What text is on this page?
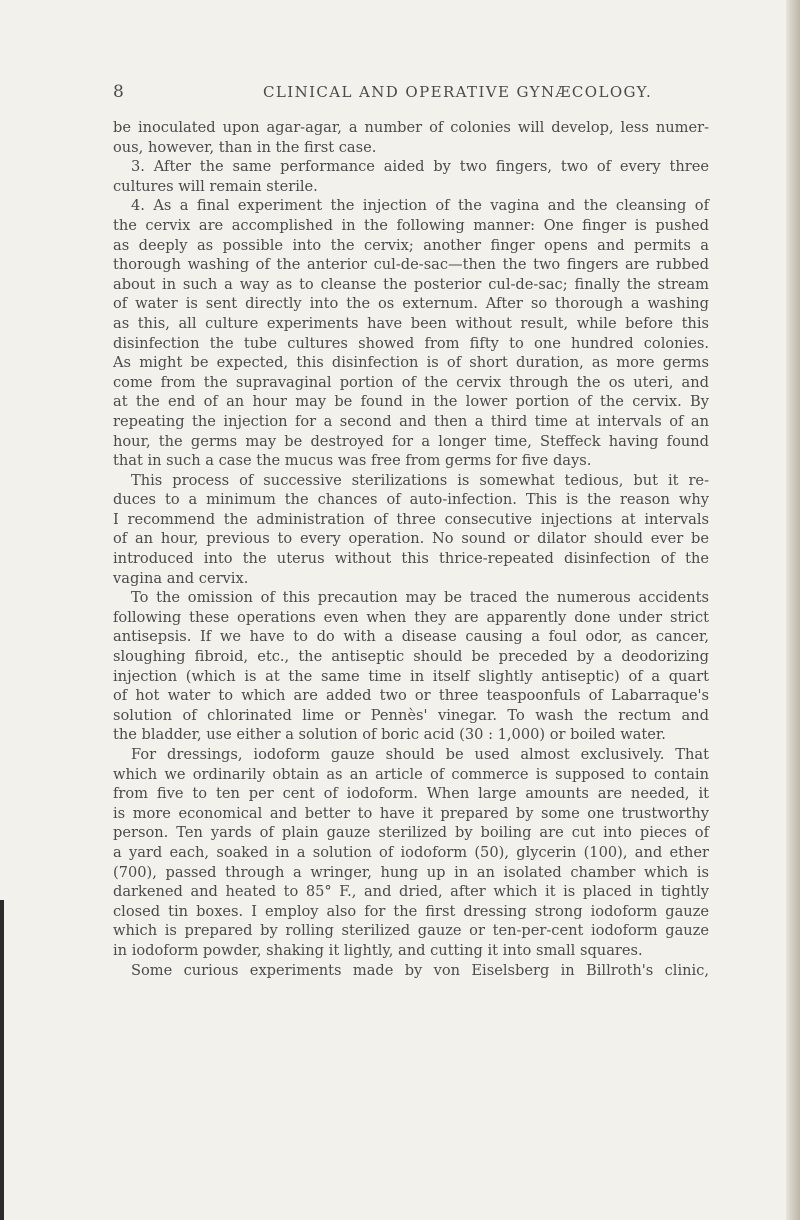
8	CLINICAL AND OPERATIVE GYNÆCOLOGY.
be inoculated upon agar-agar, a number of colonies will develop, less numer-
ous, however, than in the first case.
3. After the same performance aided by two fingers, two of every three
cultures will remain sterile.
4. As a final experiment the injection of the vagina and the cleansing of
the cervix are accomplished in the following manner: One finger is pushed
as deeply as possible into the cervix; another finger opens and permits a
thorough washing of the anterior cul-de-sac—then the two fingers are rubbed
about in such a way as to cleanse the posterior cul-de-sac; finally the stream
of water is sent directly into the os externum. After so thorough a washing
as this, all culture experiments have been without result, while before this
disinfection the tube cultures showed from fifty to one hundred colonies.
As might be expected, this disinfection is of short duration, as more germs
come from the supravaginal portion of the cervix through the os uteri, and
at the end of an hour may be found in the lower portion of the cervix. By
repeating the injection for a second and then a third time at intervals of an
hour, the germs may be destroyed for a longer time, Steffeck having found
that in such a case the mucus was free from germs for five days.
This process of successive sterilizations is somewhat tedious, but it re-
duces to a minimum the chances of auto-infection. This is the reason why
I recommend the administration of three consecutive injections at intervals
of an hour, previous to every operation. No sound or dilator should ever be
introduced into the uterus without this thrice-repeated disinfection of the
vagina and cervix.
To the omission of this precaution may be traced the numerous accidents
following these operations even when they are apparently done under strict
antisepsis. If we have to do with a disease causing a foul odor, as cancer,
sloughing fibroid, etc., the antiseptic should be preceded by a deodorizing
injection (which is at the same time in itself slightly antiseptic) of a quart
of hot water to which are added two or three teaspoonfuls of Labarraque's
solution of chlorinated lime or Pennès' vinegar. To wash the rectum and
the bladder, use either a solution of boric acid (30 : 1,000) or boiled water.
For dressings, iodoform gauze should be used almost exclusively. That
which we ordinarily obtain as an article of commerce is supposed to contain
from five to ten per cent of iodoform. When large amounts are needed, it
is more economical and better to have it prepared by some one trustworthy
person. Ten yards of plain gauze sterilized by boiling are cut into pieces of
a yard each, soaked in a solution of iodoform (50), glycerin (100), and ether
(700), passed through a wringer, hung up in an isolated chamber which is
darkened and heated to 85° F., and dried, after which it is placed in tightly
closed tin boxes. I employ also for the first dressing strong iodoform gauze
which is prepared by rolling sterilized gauze or ten-per-cent iodoform gauze
in iodoform powder, shaking it lightly, and cutting it into small squares.
Some curious experiments made by von Eiselsberg in Billroth's clinic,
